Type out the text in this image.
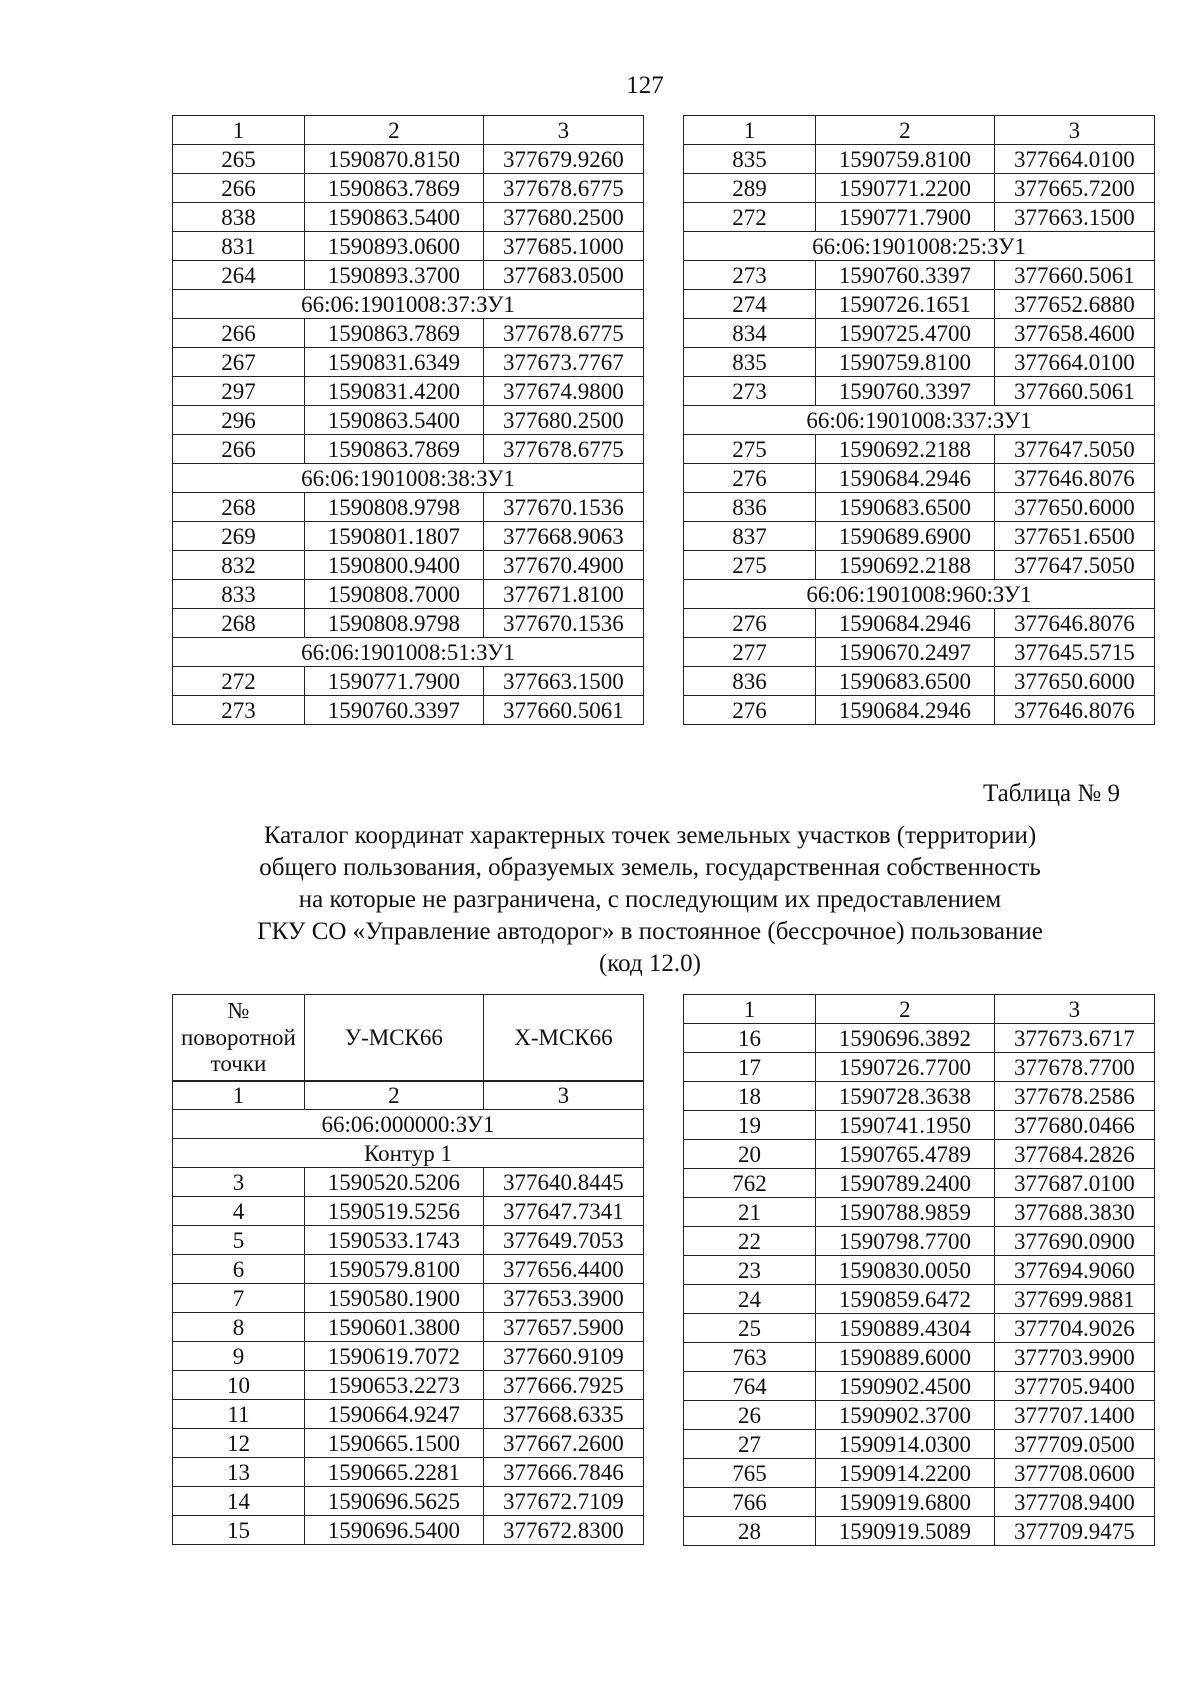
127
1	2	3
265	1590870.8150	377679.9260
266	1590863.7869	377678.6775
838	1590863.5400	377680.2500
831	1590893.0600	377685.1000
264	1590893.3700	377683.0500
66:06:1901008:37:ЗУ1		
266	1590863.7869	377678.6775
267	1590831.6349	377673.7767
297	1590831.4200	377674.9800
296	1590863.5400	377680.2500
266	1590863.7869	377678.6775
66:06:1901008:38:ЗУ1		
268	1590808.9798	377670.1536
269	1590801.1807	377668.9063
832	1590800.9400	377670.4900
833	1590808.7000	377671.8100
268	1590808.9798	377670.1536
66:06:1901008:51:ЗУ1		
272	1590771.7900	377663.1500
273	1590760.3397	377660.5061
1	2	3
835	1590759.8100	377664.0100
289	1590771.2200	377665.7200
272	1590771.7900	377663.1500
66:06:1901008:25:ЗУ1		
273	1590760.3397	377660.5061
274	1590726.1651	377652.6880
834	1590725.4700	377658.4600
835	1590759.8100	377664.0100
273	1590760.3397	377660.5061
66:06:1901008:337:ЗУ1		
275	1590692.2188	377647.5050
276	1590684.2946	377646.8076
836	1590683.6500	377650.6000
837	1590689.6900	377651.6500
275	1590692.2188	377647.5050
66:06:1901008:960:ЗУ1		
276	1590684.2946	377646.8076
277	1590670.2497	377645.5715
836	1590683.6500	377650.6000
276	1590684.2946	377646.8076
Таблица № 9
Каталог координат характерных точек земельных участков (территории)
общего пользования, образуемых земель, государственная собственность
на которые не разграничена, с последующим их предоставлением
ГКУ СО «Управление автодорог» в постоянное (бессрочное) пользование
(код 12.0)
№ поворотной точки	У-МСК66	Х-МСК66
1	2	3
66:06:000000:ЗУ1		
Контур 1		
3	1590520.5206	377640.8445
4	1590519.5256	377647.7341
5	1590533.1743	377649.7053
6	1590579.8100	377656.4400
7	1590580.1900	377653.3900
8	1590601.3800	377657.5900
9	1590619.7072	377660.9109
10	1590653.2273	377666.7925
11	1590664.9247	377668.6335
12	1590665.1500	377667.2600
13	1590665.2281	377666.7846
14	1590696.5625	377672.7109
15	1590696.5400	377672.8300
1	2	3
16	1590696.3892	377673.6717
17	1590726.7700	377678.7700
18	1590728.3638	377678.2586
19	1590741.1950	377680.0466
20	1590765.4789	377684.2826
762	1590789.2400	377687.0100
21	1590788.9859	377688.3830
22	1590798.7700	377690.0900
23	1590830.0050	377694.9060
24	1590859.6472	377699.9881
25	1590889.4304	377704.9026
763	1590889.6000	377703.9900
764	1590902.4500	377705.9400
26	1590902.3700	377707.1400
27	1590914.0300	377709.0500
765	1590914.2200	377708.0600
766	1590919.6800	377708.9400
28	1590919.5089	377709.9475
